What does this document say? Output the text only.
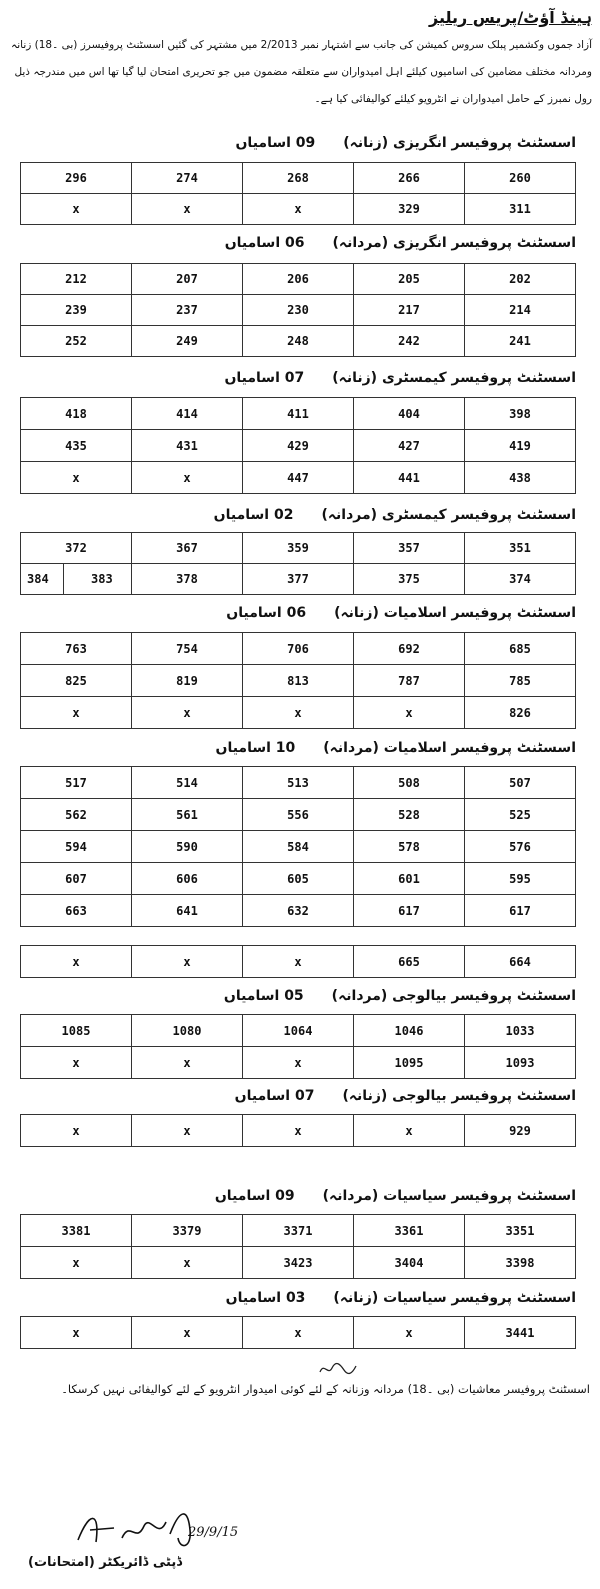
ہینڈ آؤٹ/پریس ریلیز
آزاد جموں وکشمیر پبلک سروس کمیشن کی جانب سے اشتہار نمبر 2/2013 میں مشتہر کی گئیں اسسٹنٹ پروفیسرز (بی ۔18) زنانہ ومردانہ مختلف مضامین کی اسامیوں کیلئے اہل امیدواران سے متعلقہ مضمون میں جو تحریری امتحان لیا گیا تھا اس میں مندرجہ ذیل رول نمبرز کے حامل امیدواران نے انٹرویو کیلئے کوالیفائی کیا ہے۔
اسسٹنٹ پروفیسر انگریزی (زنانہ)09 اسامیاں
296	274	268	266	260
x	x	x	329	311
اسسٹنٹ پروفیسر انگریزی (مردانہ)06 اسامیاں
212	207	206	205	202
239	237	230	217	214
252	249	248	242	241
اسسٹنٹ پروفیسر کیمسٹری (زنانہ)07 اسامیاں
418	414	411	404	398
435	431	429	427	419
x	x	447	441	438
اسسٹنٹ پروفیسر کیمسٹری (مردانہ)02 اسامیاں
372	367	359	357	351

384 383	378	377	375	374
اسسٹنٹ پروفیسر اسلامیات (زنانہ)06 اسامیاں
763	754	706	692	685
825	819	813	787	785
x	x	x	x	826
اسسٹنٹ پروفیسر اسلامیات (مردانہ)10 اسامیاں
517	514	513	508	507
562	561	556	528	525
594	590	584	578	576
607	606	605	601	595
663	641	632	617	617
x	x	x	665	664
اسسٹنٹ پروفیسر بیالوجی (مردانہ)05 اسامیاں
1085	1080	1064	1046	1033
x	x	x	1095	1093
اسسٹنٹ پروفیسر بیالوجی (زنانہ)07 اسامیاں
x	x	x	x	929
اسسٹنٹ پروفیسر سیاسیات (مردانہ)09 اسامیاں
3381	3379	3371	3361	3351
x	x	3423	3404	3398
اسسٹنٹ پروفیسر سیاسیات (زنانہ)03 اسامیاں
x	x	x	x	3441
اسسٹنٹ پروفیسر معاشیات (بی ۔18) مردانہ وزنانہ کے لئے کوئی امیدوار انٹرویو کے لئے کوالیفائی نہیں کرسکا۔
29/9/15
ڈپٹی ڈائریکٹر (امتحانات)
